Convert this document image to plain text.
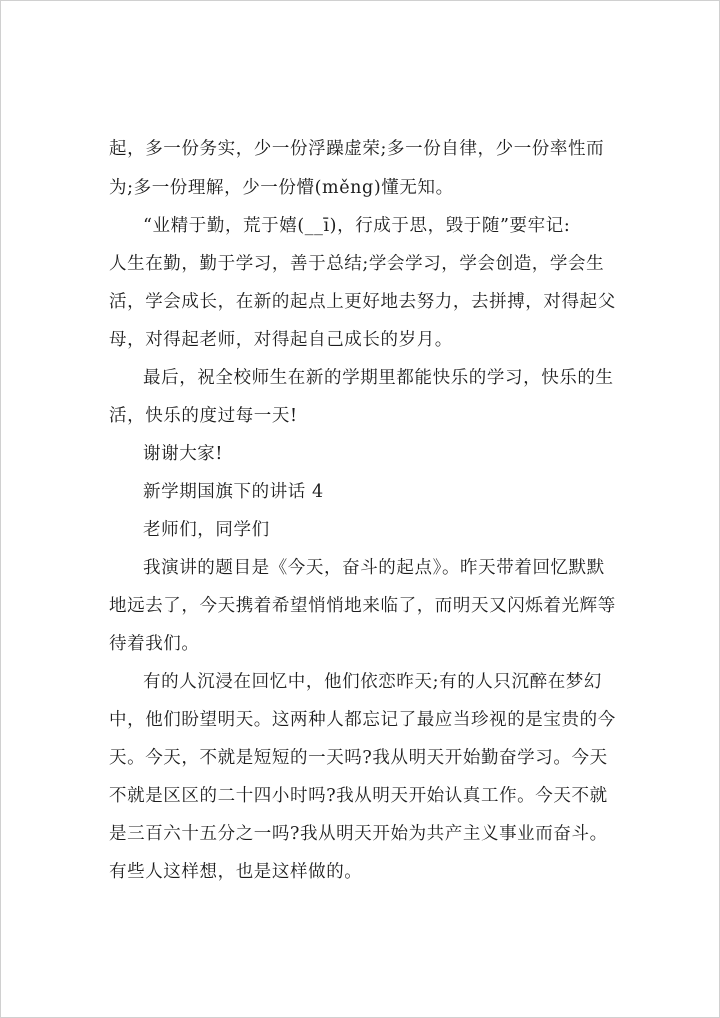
起，多一份务实，少一份浮躁虚荣;多一份自律，少一份率性而
为;多一份理解，少一份懵(měng)懂无知。
“业精于勤，荒于嬉(__ī)，行成于思，毁于随”要牢记:
人生在勤，勤于学习，善于总结;学会学习，学会创造，学会生
活，学会成长，在新的起点上更好地去努力，去拼搏，对得起父
母，对得起老师，对得起自己成长的岁月。
最后，祝全校师生在新的学期里都能快乐的学习，快乐的生
活，快乐的度过每一天!
谢谢大家!
新学期国旗下的讲话 4
老师们，同学们
我演讲的题目是《今天，奋斗的起点》。昨天带着回忆默默
地远去了，今天携着希望悄悄地来临了，而明天又闪烁着光辉等
待着我们。
有的人沉浸在回忆中，他们依恋昨天;有的人只沉醉在梦幻
中，他们盼望明天。这两种人都忘记了最应当珍视的是宝贵的今
天。今天，不就是短短的一天吗?我从明天开始勤奋学习。今天
不就是区区的二十四小时吗?我从明天开始认真工作。今天不就
是三百六十五分之一吗?我从明天开始为共产主义事业而奋斗。
有些人这样想，也是这样做的。
